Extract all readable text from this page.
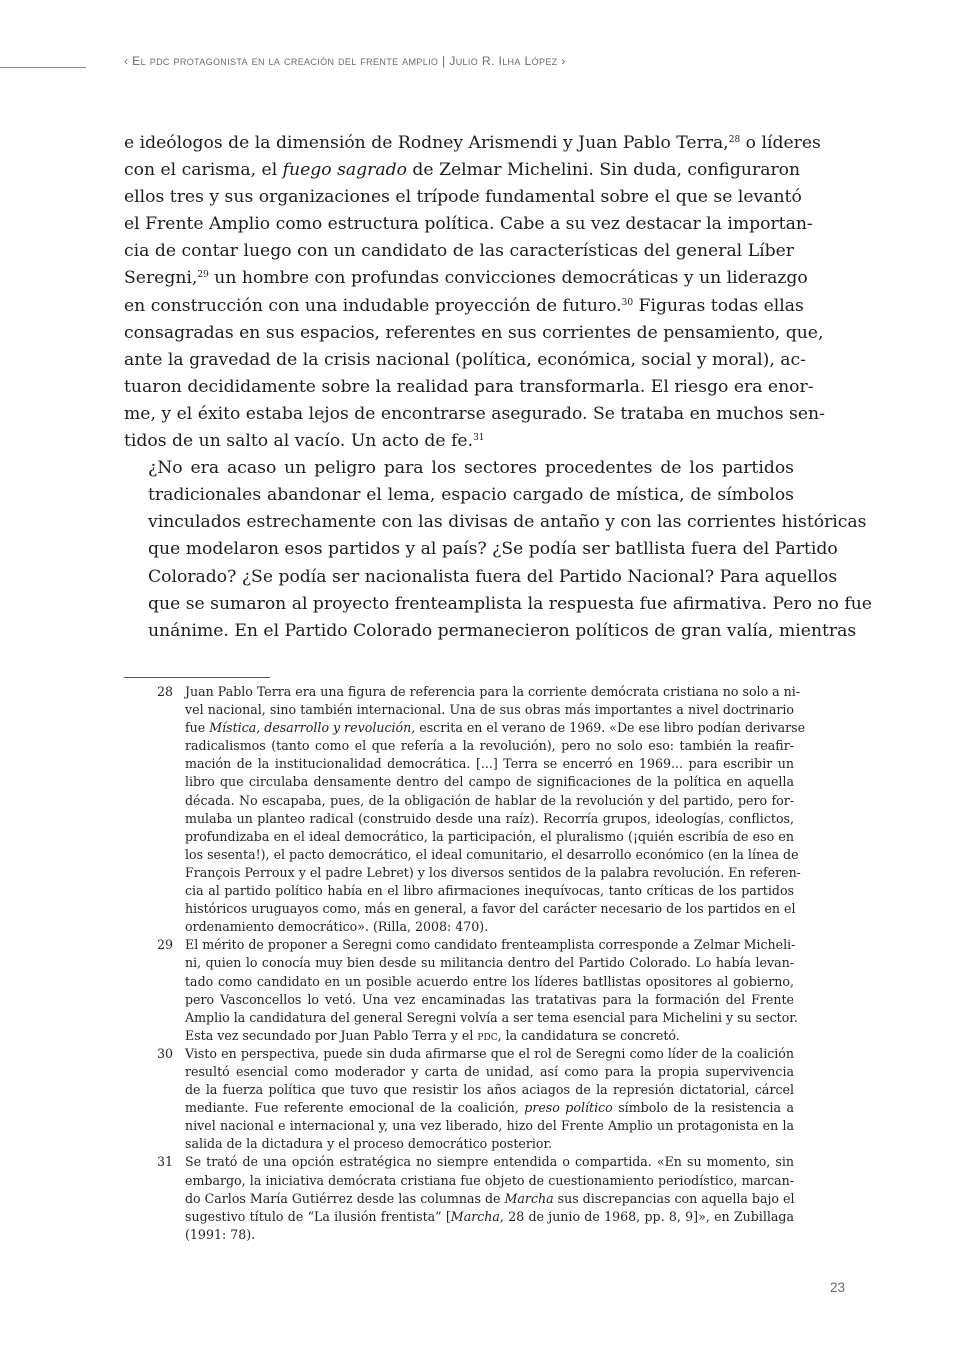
‹ El pdc protagonista en la creación del frente amplio | Julio R. Ilha López ›

e ideólogos de la dimensión de Rodney Arismendi y Juan Pablo Terra,$^{28}$ o líderes
con el carisma, el fuego sagrado de Zelmar Michelini. Sin duda, configuraron
ellos tres y sus organizaciones el trípode fundamental sobre el que se levantó
el Frente Amplio como estructura política. Cabe a su vez destacar la importan-
cia de contar luego con un candidato de las características del general Líber
Seregni,$^{29}$ un hombre con profundas convicciones democráticas y un liderazgo
en construcción con una indudable proyección de futuro.$^{30}$ Figuras todas ellas
consagradas en sus espacios, referentes en sus corrientes de pensamiento, que,
ante la gravedad de la crisis nacional (política, económica, social y moral), ac-
tuaron decididamente sobre la realidad para transformarla. El riesgo era enor-
me, y el éxito estaba lejos de encontrarse asegurado. Se trataba en muchos sen-
tidos de un salto al vacío. Un acto de fe.$^{31}$

¿No era acaso un peligro para los sectores procedentes de los partidos
tradicionales abandonar el lema, espacio cargado de mística, de símbolos
vinculados estrechamente con las divisas de antaño y con las corrientes históricas
que modelaron esos partidos y al país? ¿Se podía ser batllista fuera del Partido
Colorado? ¿Se podía ser nacionalista fuera del Partido Nacional? Para aquellos
que se sumaron al proyecto frenteamplista la respuesta fue afirmativa. Pero no fue
unánime. En el Partido Colorado permanecieron políticos de gran valía, mientras

28 Juan Pablo Terra era una figura de referencia para la corriente demócrata cristiana no solo a ni-
vel nacional, sino también internacional. Una de sus obras más importantes a nivel doctrinario
fue Mística, desarrollo y revolución, escrita en el verano de 1969. «De ese libro podían derivarse
radicalismos (tanto como el que refería a la revolución), pero no solo eso: también la reafir-
mación de la institucionalidad democrática. [...] Terra se encerró en 1969... para escribir un
libro que circulaba densamente dentro del campo de significaciones de la política en aquella
década. No escapaba, pues, de la obligación de hablar de la revolución y del partido, pero for-
mulaba un planteo radical (construido desde una raíz). Recorría grupos, ideologías, conflictos,
profundizaba en el ideal democrático, la participación, el pluralismo (¡quién escribía de eso en
los sesenta!), el pacto democrático, el ideal comunitario, el desarrollo económico (en la línea de
François Perroux y el padre Lebret) y los diversos sentidos de la palabra revolución. En referen-
cia al partido político había en el libro afirmaciones inequívocas, tanto críticas de los partidos
históricos uruguayos como, más en general, a favor del carácter necesario de los partidos en el
ordenamiento democrático». (Rilla, 2008: 470).
29 El mérito de proponer a Seregni como candidato frenteamplista corresponde a Zelmar Micheli-
ni, quien lo conocía muy bien desde su militancia dentro del Partido Colorado. Lo había levan-
tado como candidato en un posible acuerdo entre los líderes batllistas opositores al gobierno,
pero Vasconcellos lo vetó. Una vez encaminadas las tratativas para la formación del Frente
Amplio la candidatura del general Seregni volvía a ser tema esencial para Michelini y su sector.
Esta vez secundado por Juan Pablo Terra y el pdc, la candidatura se concretó.
30 Visto en perspectiva, puede sin duda afirmarse que el rol de Seregni como líder de la coalición
resultó esencial como moderador y carta de unidad, así como para la propia supervivencia
de la fuerza política que tuvo que resistir los años aciagos de la represión dictatorial, cárcel
mediante. Fue referente emocional de la coalición, preso político símbolo de la resistencia a
nivel nacional e internacional y, una vez liberado, hizo del Frente Amplio un protagonista en la
salida de la dictadura y el proceso democrático posterior.
31 Se trató de una opción estratégica no siempre entendida o compartida. «En su momento, sin
embargo, la iniciativa demócrata cristiana fue objeto de cuestionamiento periodístico, marcan-
do Carlos María Gutiérrez desde las columnas de Marcha sus discrepancias con aquella bajo el
sugestivo título de “La ilusión frentista” [Marcha, 28 de junio de 1968, pp. 8, 9]», en Zubillaga
(1991: 78).
23
